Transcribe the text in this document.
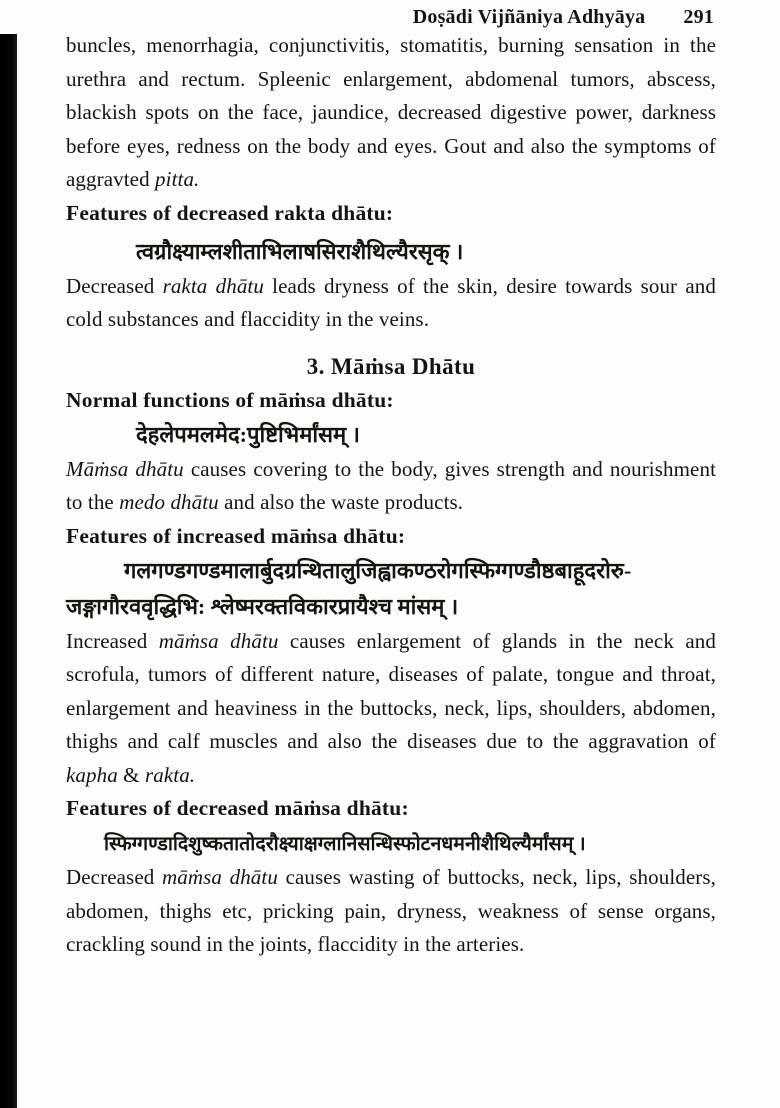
Doṣādi Vijñāniya Adhyāya 291

buncles, menorrhagia, conjunctivitis, stomatitis, burning sensation in the urethra and rectum. Spleenic enlargement, abdomenal tumors, abscess, blackish spots on the face, jaundice, decreased digestive power, darkness before eyes, redness on the body and eyes. Gout and also the symptoms of aggravted pitta.

Features of decreased rakta dhātu:
त्वग्रौक्ष्याम्लशीताभिलाषसिराशैथिल्यैरसृक् ।

Decreased rakta dhātu leads dryness of the skin, desire towards sour and cold substances and flaccidity in the veins.

3. Māṁsa Dhātu
Normal functions of māṁsa dhātu:
देहलेपमलमेद:पुष्टिभिर्मांसम् ।

Māṁsa dhātu causes covering to the body, gives strength and nourishment to the medo dhātu and also the waste products.

Features of increased māṁsa dhātu:
गलगण्डगण्डमालार्बुदग्रन्थितालुजिह्वाकण्ठरोगस्फिग्गण्डौष्ठबाहूदरोरु-
जङ्गागौरववृद्धिभि: श्लेष्मरक्तविकारप्रायैश्च मांसम् ।

Increased māṁsa dhātu causes enlargement of glands in the neck and scrofula, tumors of different nature, diseases of palate, tongue and throat, enlargement and heaviness in the buttocks, neck, lips, shoulders, abdomen, thighs and calf muscles and also the diseases due to the aggravation of kapha & rakta.

Features of decreased māṁsa dhātu:
स्फिग्गण्डादिशुष्कतातोदरौक्ष्याक्षग्लानिसन्धिस्फोटनधमनीशैथिल्यैर्मांसम् ।

Decreased māṁsa dhātu causes wasting of buttocks, neck, lips, shoulders, abdomen, thighs etc, pricking pain, dryness, weakness of sense organs, crackling sound in the joints, flaccidity in the arteries.
